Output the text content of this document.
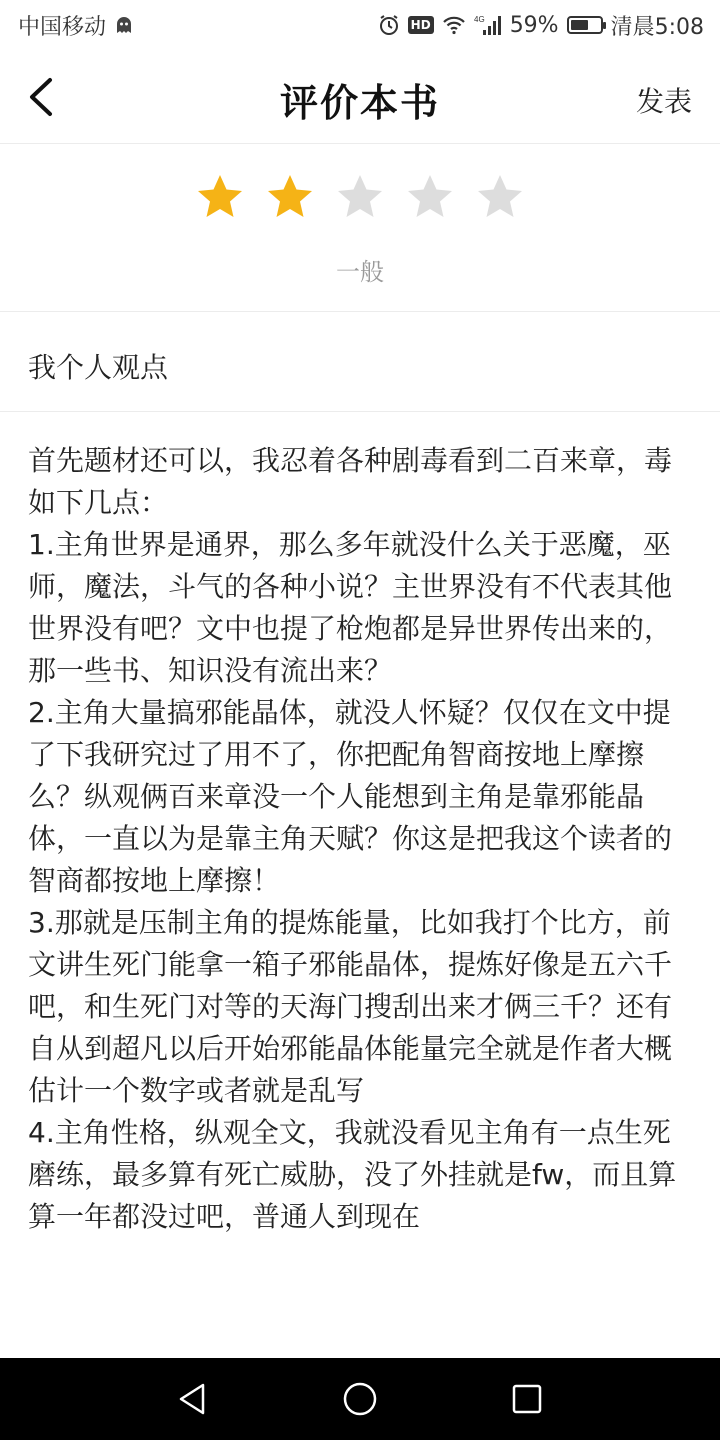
中国移动	HD	4G 59% 清晨5:08
评价本书	发表
一般
我个人观点
首先题材还可以，我忍着各种剧毒看到二百来章，毒如下几点：
1.主角世界是通界，那么多年就没什么关于恶魔，巫师，魔法，斗气的各种小说？主世界没有不代表其他世界没有吧？文中也提了枪炮都是异世界传出来的，那一些书、知识没有流出来？
2.主角大量搞邪能晶体，就没人怀疑？仅仅在文中提了下我研究过了用不了，你把配角智商按地上摩擦么？纵观俩百来章没一个人能想到主角是靠邪能晶体，一直以为是靠主角天赋？你这是把我这个读者的智商都按地上摩擦！
3.那就是压制主角的提炼能量，比如我打个比方，前文讲生死门能拿一箱子邪能晶体，提炼好像是五六千吧，和生死门对等的天海门搜刮出来才俩三千？还有自从到超凡以后开始邪能晶体能量完全就是作者大概估计一个数字或者就是乱写
4.主角性格，纵观全文，我就没看见主角有一点生死磨练，最多算有死亡威胁，没了外挂就是fw，而且算算一年都没过吧，普通人到现在
